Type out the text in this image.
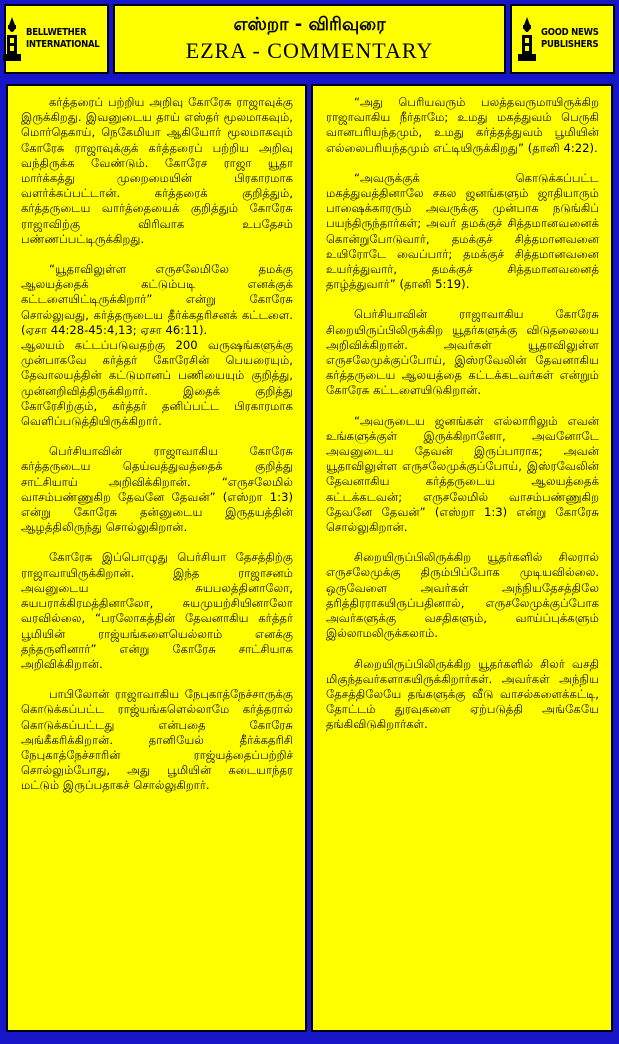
BELLWETHER
INTERNATIONAL
எஸ்றா - விரிவுரை
EZRA - COMMENTARY
GOOD NEWS
PUBLISHERS

கர்த்தரைப் பற்றிய அறிவு கோரேசு ராஜாவுக்கு இருக்கிறது. இவனுடைய தாய் எஸ்தர் மூலமாகவும், மொர்தெகாய், நெகேமியா ஆகியோர் மூலமாகவும் கோரேசு ராஜாவுக்குக் கர்த்தரைப் பற்றிய அறிவு வந்திருக்க வேண்டும். கோரேச ராஜா யூதா மார்க்கத்து முறைமையின் பிரகாரமாக வளர்க்கப்பட்டான். கர்த்தரைக் குறித்தும், கர்த்தருடைய வார்த்தையைக் குறித்தும் கோரேசு ராஜாவிற்கு விரிவாக உபதேசம் பண்ணப்பட்டிருக்கிறது.

“யூதாவிலுள்ள எருசலேமிலே தமக்கு ஆலயத்தைக் கட்டும்படி எனக்குக் கட்டளையிட்டிருக்கிறார்” என்று கோரேசு சொல்லுவது, கர்த்தருடைய தீர்க்கதரிசனக் கட்டளை. (ஏசா 44:28-45:4,13; ஏசா 46:11).

ஆலயம் கட்டப்படுவதற்கு 200 வருஷங்களுக்கு முன்பாகவே கர்த்தர் கோரேசின் பெயரையும், தேவாலயத்தின் கட்டுமானப் பணியையும் குறித்து, முன்னறிவித்திருக்கிறார். இதைக் குறித்து கோரேசிற்கும், கர்த்தர் தனிப்பட்ட பிரகாரமாக வெளிப்படுத்தியிருக்கிறார்.

பெர்சியாவின் ராஜாவாகிய கோரேசு கர்த்தருடைய தெய்வத்துவத்தைக் குறித்து சாட்சியாய் அறிவிக்கிறான். “எருசலேமில் வாசம்பண்ணுகிற தேவனே தேவன்” (எஸ்றா 1:3) என்று கோரேசு தன்னுடைய இருதயத்தின் ஆழத்திலிருந்து சொல்லுகிறான்.

கோரேசு இப்பொழுது பெர்சியா தேசத்திற்கு ராஜாவாயிருக்கிறான். இந்த ராஜாசனம் அவனுடைய சுயபலத்தினாலோ, சுயபராக்கிரமத்தினாலோ, சுயமுயற்சியினாலோ வரவில்லை, “பரலோகத்தின் தேவனாகிய கர்த்தர் பூமியின் ராஜ்யங்களையெல்லாம் எனக்கு தந்தருளினார்” என்று கோரேசு சாட்சியாக அறிவிக்கிறான்.

பாபிலோன் ராஜாவாகிய நேபுகாத்நேச்சாருக்கு கொடுக்கப்பட்ட ராஜ்யங்களெல்லாமே கர்த்தரால் கொடுக்கப்பட்டது என்பதை கோரேசு அங்கீகரிக்கிறான். தானியேல் தீர்க்கதரிசி நேபுகாத்நேச்சாரின் ராஜ்யத்தைப்பற்றிச் சொல்லும்போது, அது பூமியின் கடையாந்தர மட்டும் இருப்பதாகச் சொல்லுகிறார்.

“அது பெரியவரும் பலத்தவருமாயிருக்கிற ராஜாவாகிய நீர்தாமே; உமது மகத்துவம் பெருகி வானபரியந்தமும், உமது கர்த்தத்துவம் பூமியின் எல்லைபரியந்தமும் எட்டியிருக்கிறது” (தானி 4:22).

“அவருக்குக் கொடுக்கப்பட்ட மகத்துவத்தினாலே சகல ஜனங்களும் ஜாதியாரும் பாஷைக்காரரும் அவருக்கு முன்பாக நடுங்கிப் பயந்திருந்தார்கள்; அவர் தமக்குச் சித்தமானவனைக் கொன்றுபோடுவார், தமக்குச் சித்தமானவனை உயிரோடே வைப்பார்; தமக்குச் சித்தமானவனை உயர்த்துவார், தமக்குச் சித்தமானவனைத் தாழ்த்துவார்” (தானி 5:19).

பெர்சியாவின் ராஜாவாகிய கோரேசு சிறையிருப்பிலிருக்கிற யூதர்களுக்கு விடுதலையை அறிவிக்கிறான். அவர்கள் யூதாவிலுள்ள எருசலேமுக்குப்போய், இஸ்ரவேலின் தேவனாகிய கர்த்தருடைய ஆலயத்தை கட்டக்கடவர்கள் என்றும் கோரேசு கட்டளையிடுகிறான்.

“அவருடைய ஜனங்கள் எல்லாரிலும் எவன் உங்களுக்குள் இருக்கிறானோ, அவனோடே அவனுடைய தேவன் இருப்பாராக; அவன் யூதாவிலுள்ள எருசலேமுக்குப்போய், இஸ்ரவேலின் தேவனாகிய கர்த்தருடைய ஆலயத்தைக் கட்டக்கடவன்; எருசலேமில் வாசம்பண்ணுகிற தேவனே தேவன்” (எஸ்றா 1:3) என்று கோரேசு சொல்லுகிறான்.

சிறையிருப்பிலிருக்கிற யூதர்களில் சிலரால் எருசலேமுக்கு திரும்பிப்போக முடியவில்லை. ஒருவேளை அவர்கள் அந்நியதேசத்திலே தரித்திரராகயிருப்பதினால், எருசலேமுக்குப்போக அவர்களுக்கு வசதிகளும், வாய்ப்புக்களும் இல்லாமலிருக்கலாம்.

சிறையிருப்பிலிருக்கிற யூதர்களில் சிலர் வசதி மிகுந்தவர்களாகயிருக்கிறார்கள். அவர்கள் அந்நிய தேசத்திலேயே தங்களுக்கு வீடு வாசல்களைக்கட்டி, தோட்டம் துரவுகளை ஏற்படுத்தி அங்கேயே தங்கிவிடுகிறார்கள்.
